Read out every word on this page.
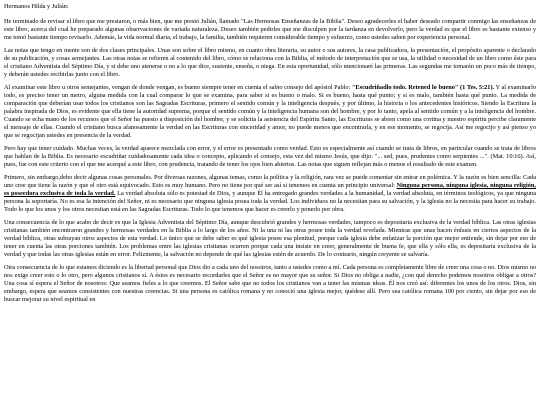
Hermanos Hilda y Julián:

He terminado de revisar el libro que me prestaron, o más bien, que me prestó Julián, llamado "Las Hermosas Enseñanzas de la Biblia". Deseo agradecerles el haber deseado compartir conmigo las enseñanzas de este libro, acerca del cual he preparado algunas observaciones de variada naturaleza. Deseo también pedirles que me disculpen por la tardanza en devolverlo, pero la verdad es que el libro es bastante extenso y me tomó bastante tiempo revisarlo. Además, la vida normal diaria, el trabajo, la familia, también requieren considerable tiempo y esfuerzo, como ustedes saben por experiencia personal.

Las notas que tengo en mente son de dos clases principales. Unas son sobre el libro mismo, en cuanto obra literaria, su autor o sus autores, la casa publicadora, la presentación, el propósito aparente o declarado de su publicación, y cosas semejantes. Las otras notas se refieren al contenido del libro, cómo se relaciona con la Biblia, el método de interpretación que se usa, la utilidad o necesidad de un libro como éste para el cristiano Adventista del Séptimo Día, y si debe uno atenerse o no a lo que dice, sustente, enseña, o niega. En esta oportunidad, sólo mencionaré las primeras. Las segundas me tomarán un poco más de tiempo, y deberán ustedes recibirlas junto con el libro.

Al examinar este libro u otros semejantes, vengan de donde vengan, es bueno siempre tener en cuenta el sabio consejo del apóstol Pablo: "Escudriñadlo todo. Retened lo bueno" (1 Tes. 5:21). Y al examinarlo todo, es preciso tener un metro, alguna medida con la cual comparar lo que se examina, para saber si es bueno o malo. Si es bueno, hasta qué punto; y si es malo, también hasta qué punto. La medida de comparación que deberían usar todos los cristianos son las Sagradas Escrituras, primero el sentido común y la inteligencia después, y por último, la historia o los antecedentes históricos. Siendo la Escritura la palabra inspirada de Dios, es evidente que ella tiene la autoridad suprema, porque el sentido común y la inteligencia humana son del hombre, y por lo tanto, apela al sentido común y a la inteligencia del hombre. Cuando se echa mano de los recursos que el Señor ha puesto a disposición del hombre, y se solicita la asistencia del Espíritu Santo, las Escrituras se abren como una cortina y nuestro espíritu percibe claramente el mensaje de ellas. Cuando el cristiano busca afanosamente la verdad en las Escrituras con sinceridad y amor, no puede menos que encontrarla, y en ese momento, se regocija. Así me regocijo y así pienso yo que se regocijan ustedes en presencia de la verdad.

Pero hay que tener cuidado. Muchas veces, la verdad aparece mezclada con error, y el error es presentado como verdad. Esto es especialmente así cuando se trata de libros, en particular cuando se trata de libros que hablan de la Biblia. Es necesario escudriñar cuidadosamente cada idea o concepto, aplicando el consejo, esta vez del mismo Jesús, que dijo: "... sed, pues, prudentes como serpientes ...". (Mat. 10:16). Así, pues, fue con este criterio con el que me acerqué a este libro, con prudencia, tratando de tener los ojos bien abiertos. Las notas que siguen reflejan más o menos el resultado de este examen.

Primero, sin embargo,debo decir algunas cosas personales. Por diversas razones, algunas temas, como la política y la religión, rara vez se puede comentar sin entrar en polémica. Y la razón es bien sencilla: Cada uno cree que tiene la razón y que el otro está equivocado. Esto es muy humano. Pero no tiene por qué ser así si tenemos en cuenta un principio universal: Ninguna persona, ninguna iglesia, ninguna religión, es poseedora exclusiva de toda la verdad. La verdad absoluta sólo es potestad de Dios, y aunque Él ha entregado grandes verdades a la humanidad, la verdad absoluta, en términos teológicos, ya que ninguna persona la soportaría. No es esa la intención del Señor, ni es necesario que ninguna iglesia posea toda la verdad. Los individuos no la necesitan para su salvación, y la iglesia no la necesita para hacer su trabajo. Todo lo que los unos y los otros necesitan está en las Sagradas Escrituras. Todo lo que tenemos que hacer es creerlo y ponerlo por obra.

Una consecuencia de lo que acabo de decir es que la Iglesia Adventista del Séptimo Día, aunque descubrió grandes y hermosas verdades, tampoco es depositaria exclusiva de la verdad bíblica. Las otras iglesias cristianas también encontraron grandes y hermosas verdades en la Biblia a lo largo de los años. Ni la una ni las otras posee toda la verdad revelada. Mientras que unas hacen énfasis en ciertos aspectos de la verdad bíblica, otras subrayan otros aspectos de esta verdad. Lo único que se debe saber es qué iglesia posee esa plenitud, porque cada iglesia debe enfatizar la porción que mejor entiende, sin dejar por eso de tener en cuenta las otras porciones también. Los problemas entre las iglesias cristianas ocurren porque cada una insiste en creer, generalmente de buena fe, que ella y sólo ella, es depositaria exclusiva de la verdad y que todas las otras iglesias están en error. Felizmente, la salvación no depende de qué las iglesias estén de acuerdo. De lo contrario, ningún creyente se salvaría.

Otra consecuencia de lo que estamos diciendo es la libertad personal que Dios dio a cada uno del nosotros, tanto a ustedes como a mí. Cada persona es completamente libre de creer una cosa o no. Dios mismo no nos exige creer esto o lo otro, pero algunos cristianos sí. A éstos es necesario recordarles que el Señor es no mayor que su señor. Si Dios no obliga a nadie, ¿con qué derecho podemos nosotros obligar a otros? Una cosa sí espera el Señor de nosotros: Que seamos fieles a lo que creemos. El Señor sabe que no todos los cristianos van a tener las mismas ideas. Él nos creó así: diferentes los unos de los otros. Dios, sin embargo, espera que seamos consistentes con nuestras creencias. Si una persona es católica romana y no conoció una iglesia mejor, quédese allí. Pero sea católica romana 100 por ciento, sin dejar por eso de buscar mejorar su nivel espiritual en
